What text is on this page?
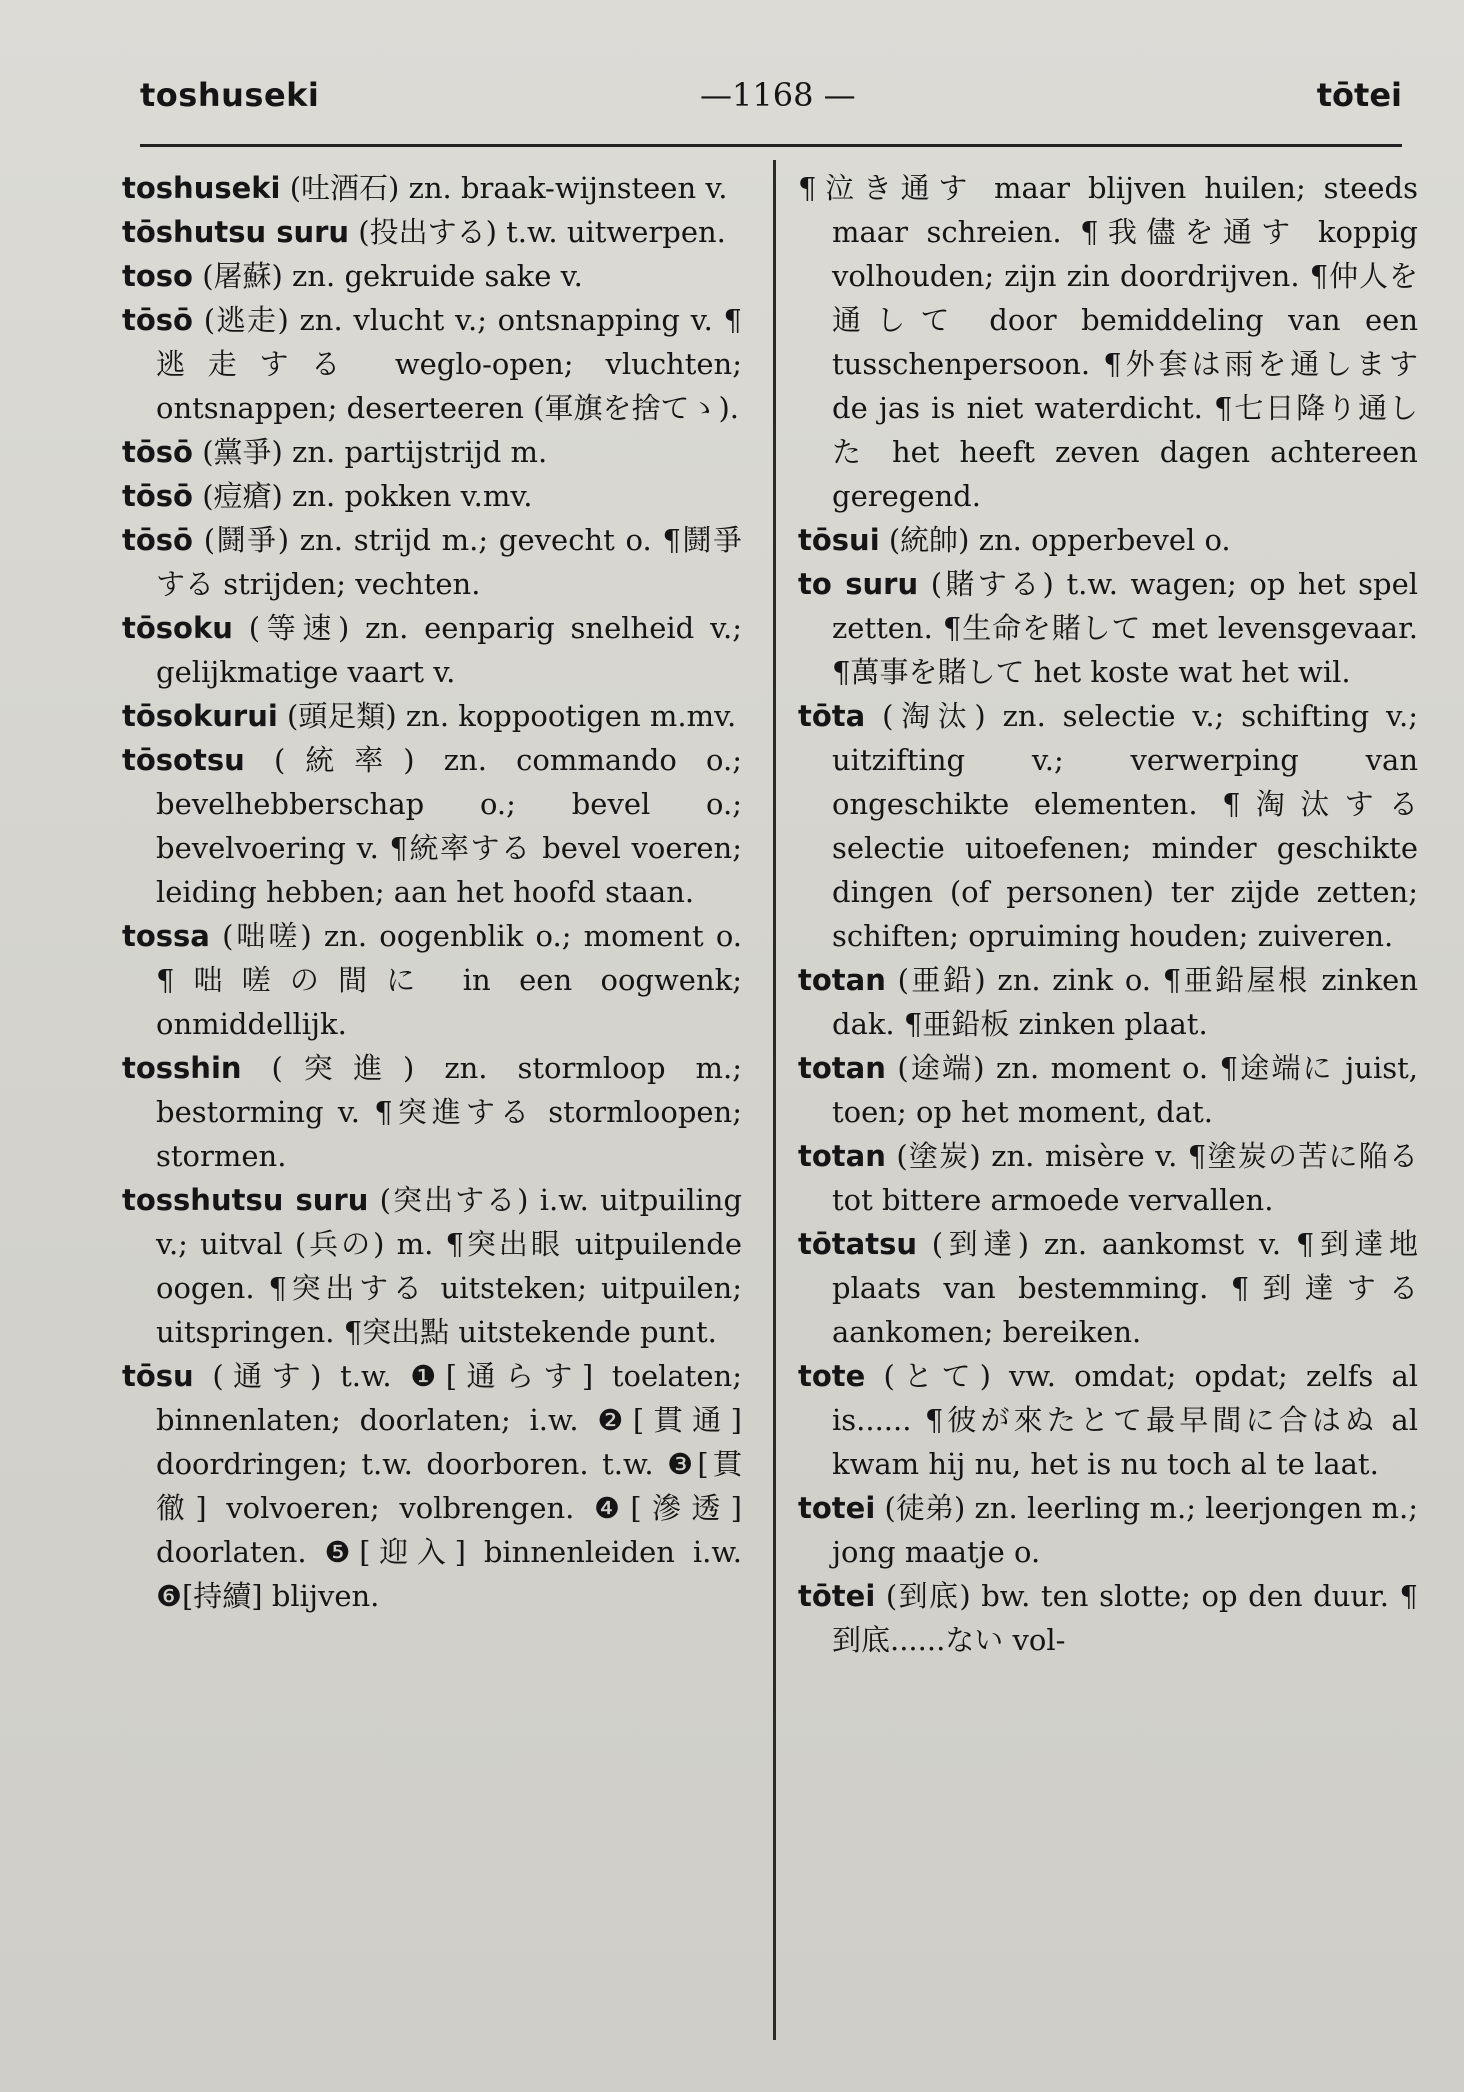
toshuseki	—1168 —	tōtei

toshuseki (吐酒石) zn. braak-wijnsteen v.

tōshutsu suru (投出する) t.w. uitwerpen.

toso (屠蘇) zn. gekruide sake v.

tōsō (逃走) zn. vlucht v.; ontsnapping v. ¶逃走する weglo-open; vluchten; ontsnappen; deserteeren (軍旗を捨てゝ).

tōsō (黨爭) zn. partijstrijd m.

tōsō (痘瘡) zn. pokken v.mv.

tōsō (鬪爭) zn. strijd m.; gevecht o. ¶鬪爭する strijden; vechten.

tōsoku (等速) zn. eenparig snelheid v.; gelijkmatige vaart v.

tōsokurui (頭足類) zn. koppootigen m.mv.

tōsotsu (統率) zn. commando o.; bevelhebberschap o.; bevel o.; bevelvoering v. ¶統率する bevel voeren; leiding hebben; aan het hoofd staan.

tossa (咄嗟) zn. oogenblik o.; moment o. ¶咄嗟の間に in een oogwenk; onmiddellijk.

tosshin (突進) zn. stormloop m.; bestorming v. ¶突進する stormloopen; stormen.

tosshutsu suru (突出する) i.w. uitpuiling v.; uitval (兵の) m. ¶突出眼 uitpuilende oogen. ¶突出する uitsteken; uitpuilen; uitspringen. ¶突出點 uitstekende punt.

tōsu (通す) t.w. ❶[通らす] toelaten; binnenlaten; doorlaten; i.w. ❷[貫通] doordringen; t.w. doorboren. t.w. ❸[貫徹] volvoeren; volbrengen. ❹[滲透] doorlaten. ❺[迎入] binnenleiden i.w. ❻[持續] blijven.

¶泣き通す maar blijven huilen; steeds maar schreien. ¶我儘を通す koppig volhouden; zijn zin doordrijven. ¶仲人を通して door bemiddeling van een tusschenpersoon. ¶外套は雨を通します de jas is niet waterdicht. ¶七日降り通した het heeft zeven dagen achtereen geregend.

tōsui (統帥) zn. opperbevel o.

to suru (賭する) t.w. wagen; op het spel zetten. ¶生命を賭して met levensgevaar. ¶萬事を賭して het koste wat het wil.

tōta (淘汰) zn. selectie v.; schifting v.; uitzifting v.; verwerping van ongeschikte elementen. ¶淘汰する selectie uitoefenen; minder geschikte dingen (of personen) ter zijde zetten; schiften; opruiming houden; zuiveren.

totan (亜鉛) zn. zink o. ¶亜鉛屋根 zinken dak. ¶亜鉛板 zinken plaat.

totan (途端) zn. moment o. ¶途端に juist, toen; op het moment, dat.

totan (塗炭) zn. misère v. ¶塗炭の苦に陥る tot bittere armoede vervallen.

tōtatsu (到達) zn. aankomst v. ¶到達地 plaats van bestemming. ¶到達する aankomen; bereiken.

tote (とて) vw. omdat; opdat; zelfs al is...... ¶彼が來たとて最早間に合はぬ al kwam hij nu, het is nu toch al te laat.

totei (徒弟) zn. leerling m.; leerjongen m.; jong maatje o.

tōtei (到底) bw. ten slotte; op den duur. ¶到底......ない vol-
